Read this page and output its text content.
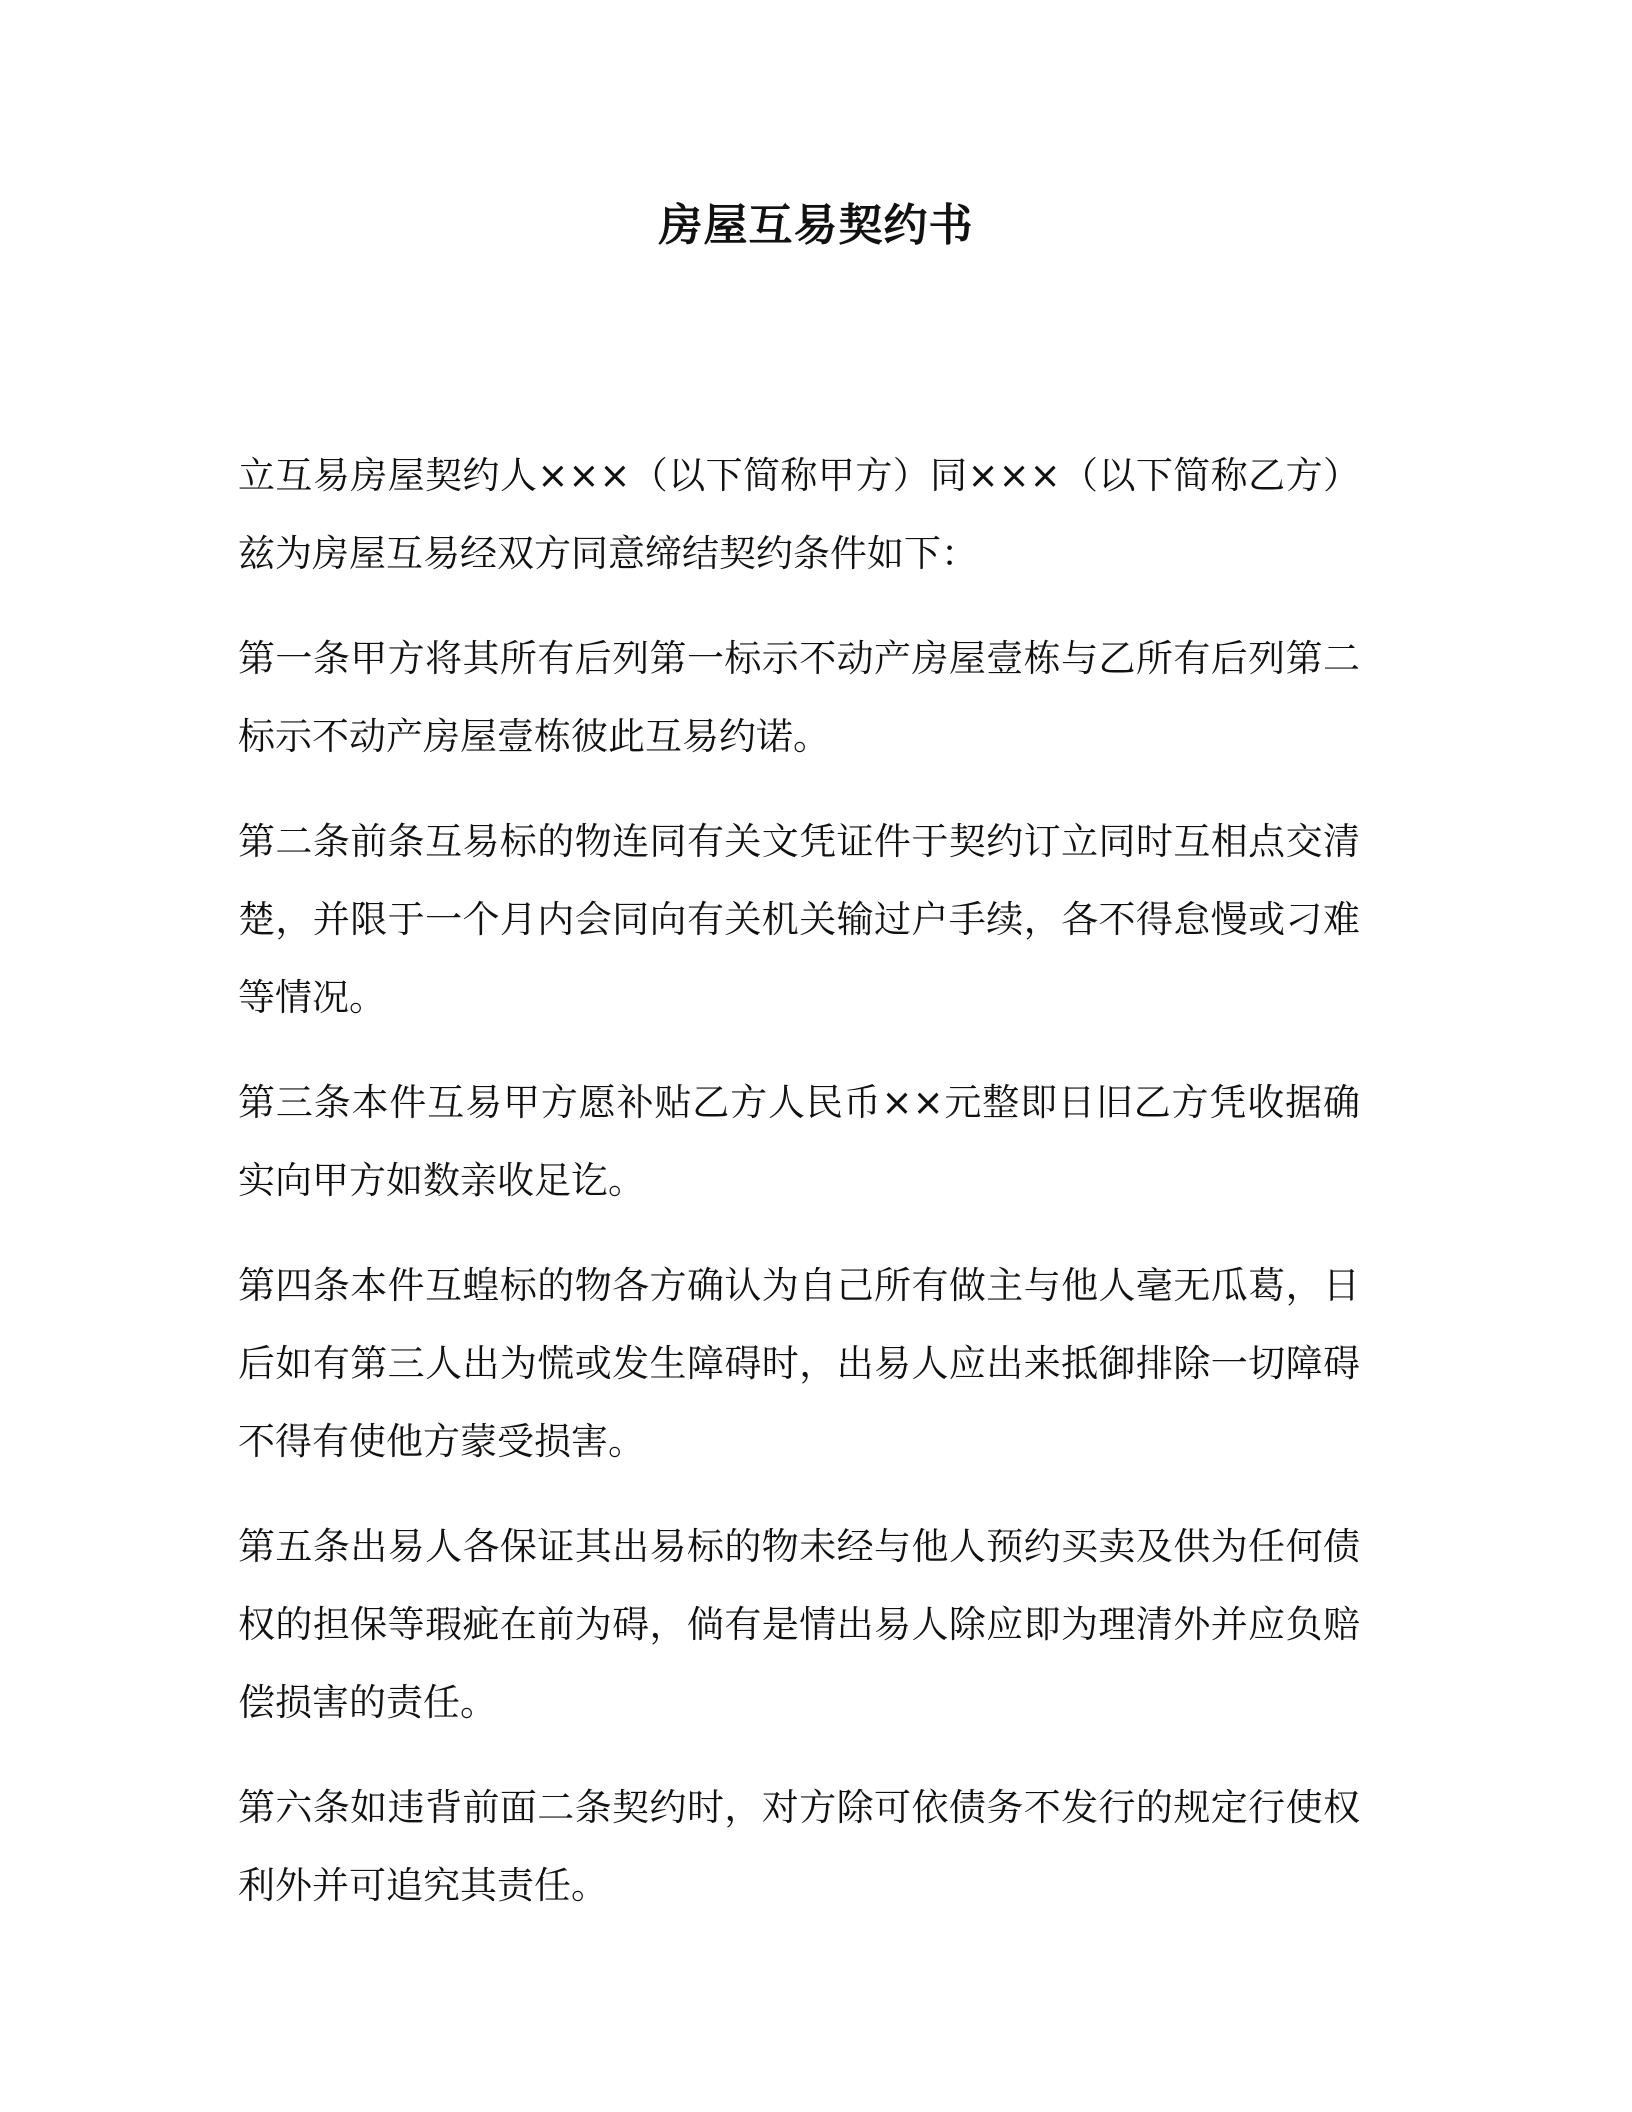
房屋互易契约书

立互易房屋契约人×××（以下简称甲方）同×××（以下简称乙方）兹为房屋互易经双方同意缔结契约条件如下：

第一条甲方将其所有后列第一标示不动产房屋壹栋与乙所有后列第二标示不动产房屋壹栋彼此互易约诺。

第二条前条互易标的物连同有关文凭证件于契约订立同时互相点交清楚，并限于一个月内会同向有关机关输过户手续，各不得怠慢或刁难等情况。

第三条本件互易甲方愿补贴乙方人民币××元整即日旧乙方凭收据确实向甲方如数亲收足讫。

第四条本件互蝗标的物各方确认为自己所有做主与他人毫无瓜葛，日后如有第三人出为慌或发生障碍时，出易人应出来抵御排除一切障碍不得有使他方蒙受损害。

第五条出易人各保证其出易标的物未经与他人预约买卖及供为任何债权的担保等瑕疵在前为碍，倘有是情出易人除应即为理清外并应负赔偿损害的责任。

第六条如违背前面二条契约时，对方除可依债务不发行的规定行使权利外并可追究其责任。
